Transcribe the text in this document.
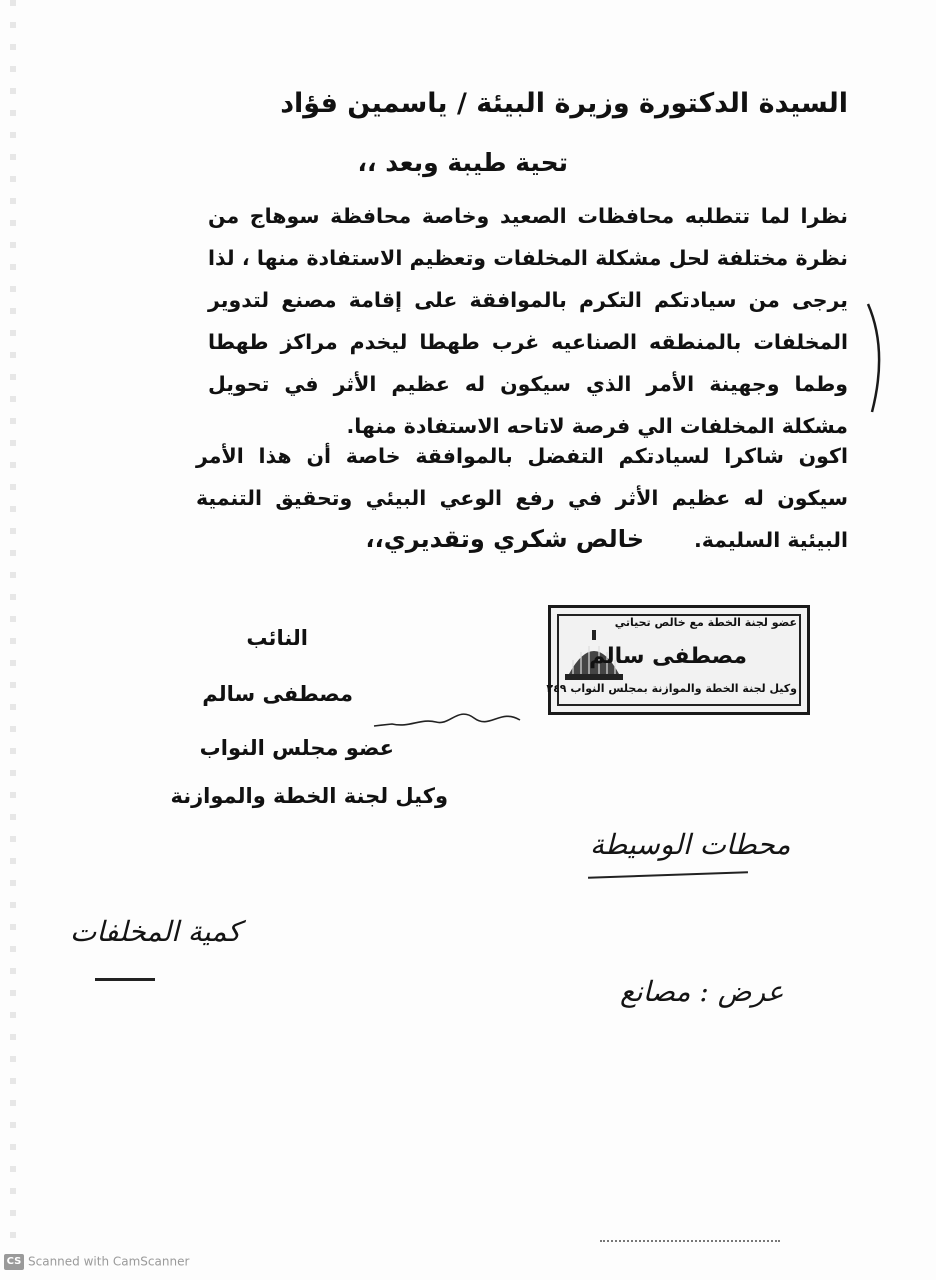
السيدة الدكتورة وزيرة البيئة / ياسمين فؤاد
تحية طيبة وبعد ،،
نظرا لما تتطلبه محافظات الصعيد وخاصة محافظة سوهاج من نظرة مختلفة لحل مشكلة المخلفات وتعظيم الاستفادة منها ، لذا يرجى من سيادتكم التكرم بالموافقة على إقامة مصنع لتدوير المخلفات بالمنطقه الصناعيه غرب طهطا ليخدم مراكز طهطا وطما وجهينة الأمر الذي سيكون له عظيم الأثر في تحويل مشكلة المخلفات الي فرصة لاتاحه الاستفادة منها.
اكون شاكرا لسيادتكم التفضل بالموافقة خاصة أن هذا الأمر سيكون له عظيم الأثر في رفع الوعي البيئي وتحقيق التنمية البيئية السليمة.
خالص شكري وتقديري،،
النائب
مصطفى سالم
عضو مجلس النواب
وكيل لجنة الخطة والموازنة
عضو لجنة الخطة مع خالص تحياتي
مصطفى سالم
وكيل لجنة الخطة والموازنة بمجلس النواب ٢٤٩
محطات الوسيطة
كمية المخلفات
عرض : مصانع
CS Scanned with CamScanner
